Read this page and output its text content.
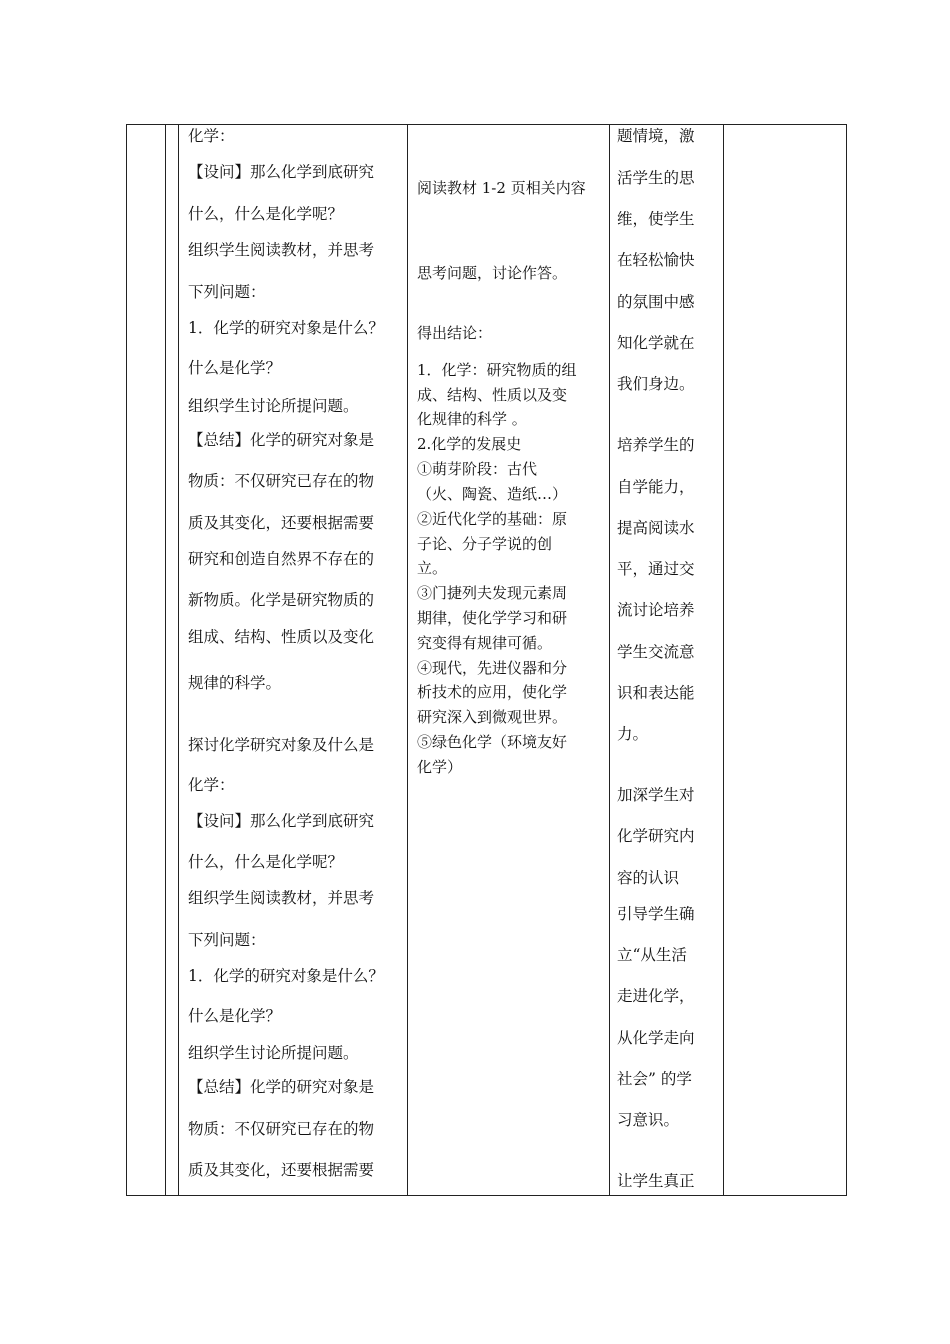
化学：
【设问】那么化学到底研究
什么，什么是化学呢？
组织学生阅读教材，并思考
下列问题：
1．化学的研究对象是什么？
什么是化学？
组织学生讨论所提问题。
【总结】化学的研究对象是
物质：不仅研究已存在的物
质及其变化，还要根据需要
研究和创造自然界不存在的
新物质。化学是研究物质的
组成、结构、性质以及变化
规律的科学。
探讨化学研究对象及什么是
化学：
【设问】那么化学到底研究
什么，什么是化学呢？
组织学生阅读教材，并思考
下列问题：
1．化学的研究对象是什么？
什么是化学？
组织学生讨论所提问题。
【总结】化学的研究对象是
物质：不仅研究已存在的物
质及其变化，还要根据需要
阅读教材 1-2 页相关内容
思考问题，讨论作答。
得出结论：
1．化学：研究物质的组
成、结构、性质以及变
化规律的科学 。
2.化学的发展史
①萌芽阶段：古代
（火、陶瓷、造纸…）
②近代化学的基础：原
子论、分子学说的创
立。
③门捷列夫发现元素周
期律，使化学学习和研
究变得有规律可循。
④现代，先进仪器和分
析技术的应用，使化学
研究深入到微观世界。
⑤绿色化学（环境友好
化学）
题情境，激
活学生的思
维，使学生
在轻松愉快
的氛围中感
知化学就在
我们身边。
培养学生的
自学能力，
提高阅读水
平，通过交
流讨论培养
学生交流意
识和表达能
力。
加深学生对
化学研究内
容的认识
引导学生确
立“从生活
走进化学，
从化学走向
社会” 的学
习意识。
让学生真正
